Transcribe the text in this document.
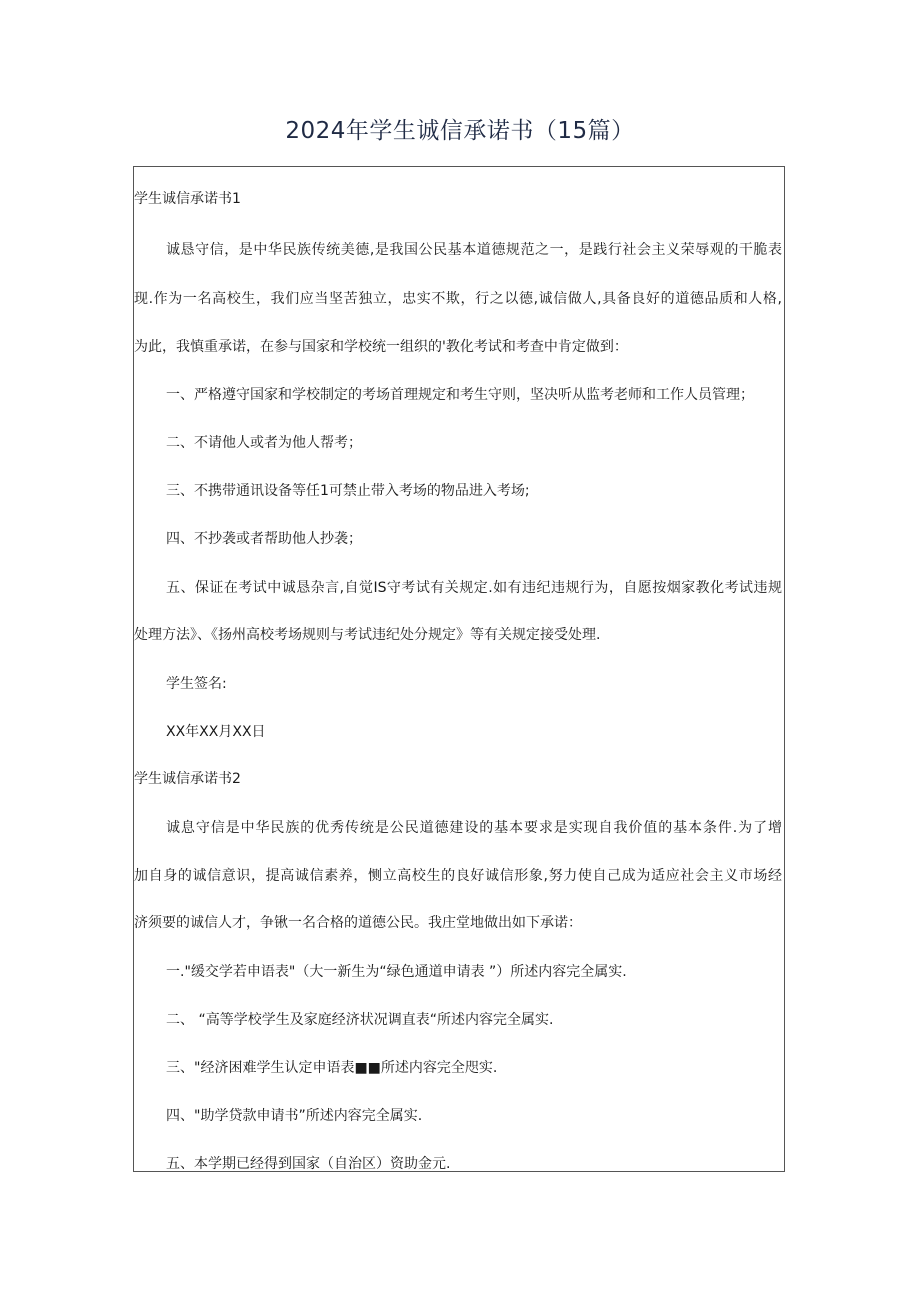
2024年学生诚信承诺书（15篇）
学生诚信承诺书1
诚恳守信，是中华民族传统美德,是我国公民基本道德规范之一，是践行社会主义荣辱观的干脆表
现.作为一名高校生，我们应当坚苦独立，忠实不欺，行之以德,诚信做人,具备良好的道德品质和人格,
为此，我慎重承诺，在参与国家和学校统一组织的'教化考试和考查中肯定做到：
一、严格遵守国家和学校制定的考场首理规定和考生守则，坚决听从监考老师和工作人员管理；
二、不请他人或者为他人帮考；
三、不携带通讯设备等任1可禁止带入考场的物品进入考场;
四、不抄袭或者帮助他人抄袭；
五、保证在考试中诚恳杂言,自觉IS守考试有关规定.如有违纪违规行为，自愿按烟家教化考试违规
处理方法》、《扬州高校考场规则与考试违纪处分规定》等有关规定接受处理.
学生签名:
XX年XX月XX日
学生诚信承诺书2
诚息守信是中华民族的优秀传统是公民道德建设的基本要求是实现自我价值的基本条件.为了增
加自身的诚信意识，提高诚信素养，恻立高校生的良好诚信形象,努力使自己成为适应社会主义市场经
济须要的诚信人才，争锹一名合格的道德公民。我庄堂地做出如下承诺：
一."缓交学若申语表"（大一新生为“绿色通道申请表 ”）所述内容完全属实.
二、 “高等学校学生及家庭经济状况调直表“所述内容完全属实.
三、"经济困难学生认定申语表■■所述内容完全咫实.
四、"助学贷款申请书”所述内容完全属实.
五、本学期已经得到国家（自治区）资助金元.
